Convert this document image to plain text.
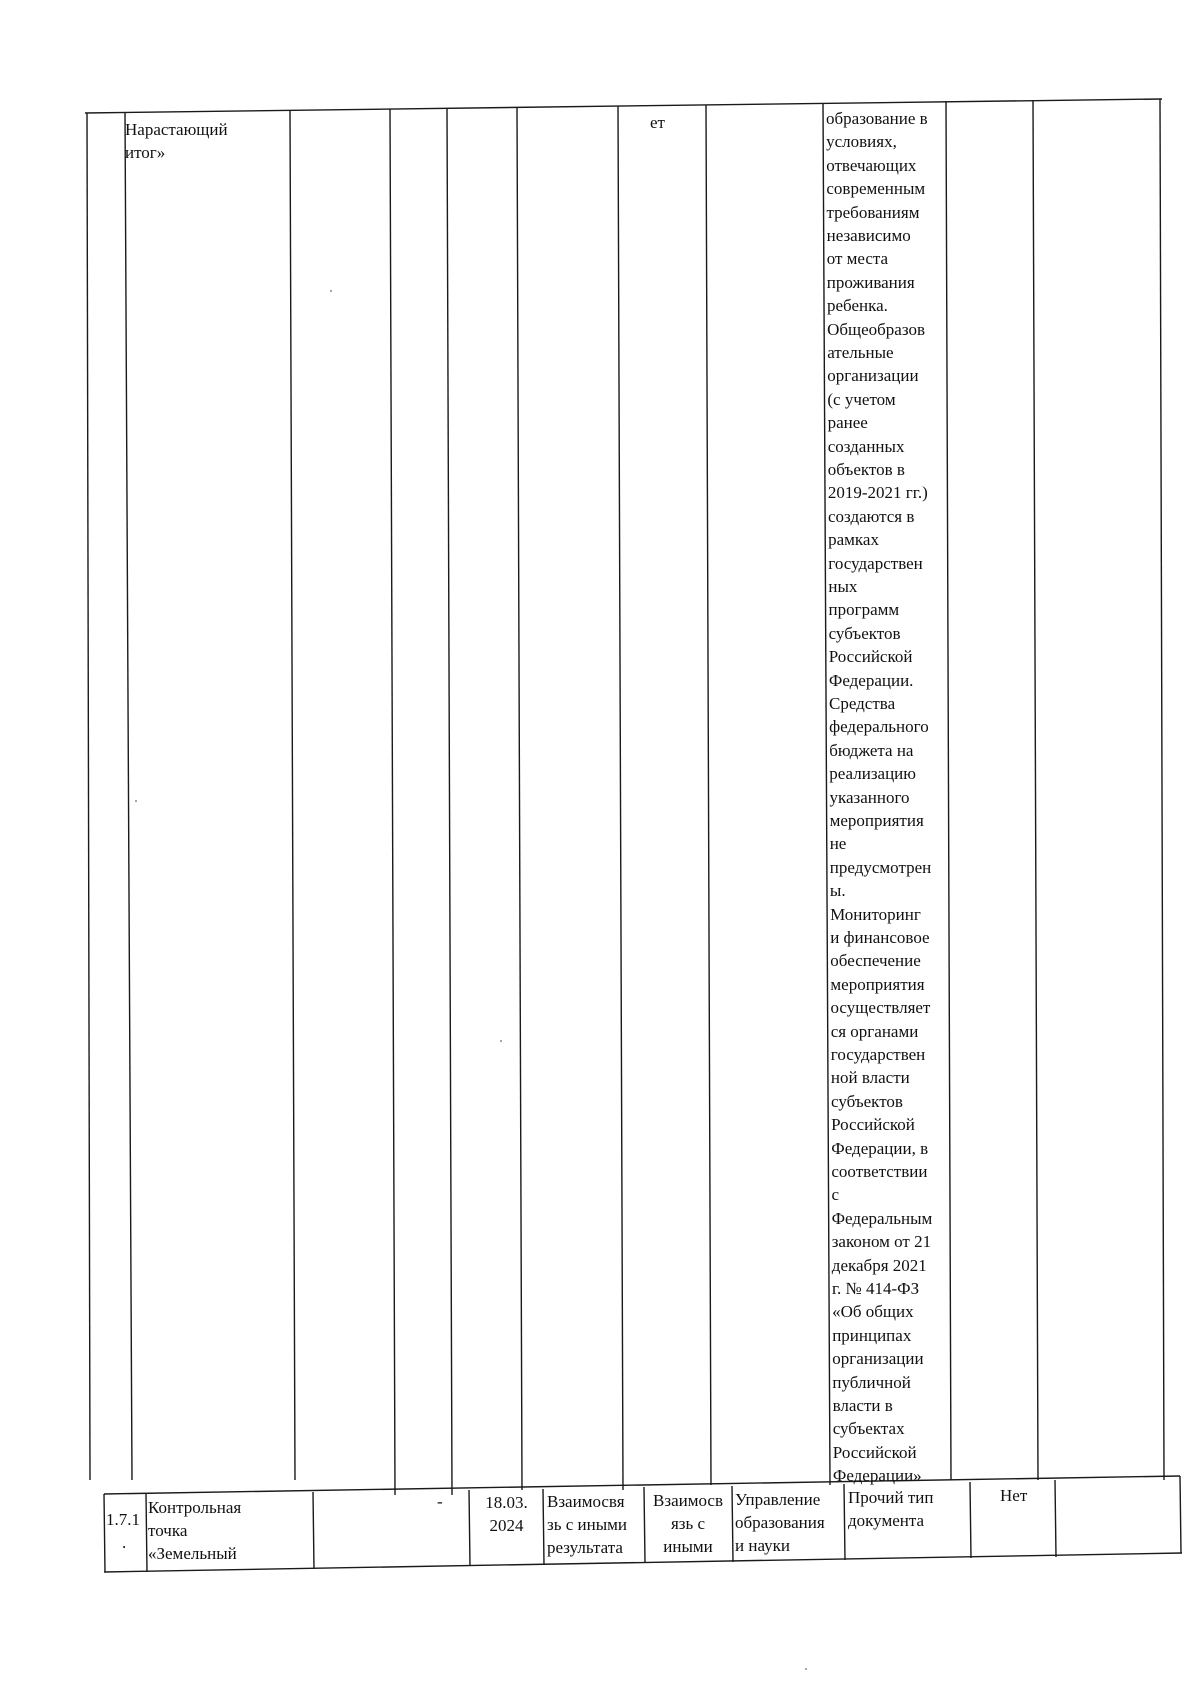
Нарастающий
итог»
ет	образование в
условиях,
отвечающих
современным
требованиям
независимо
от места
проживания
ребенка.
Общеобразов
ательные
организации
(с учетом
ранее
созданных
объектов в
2019-2021 гг.)
создаются в
рамках
государствен
ных
программ
субъектов
Российской
Федерации.
Средства
федерального
бюджета на
реализацию
указанного
мероприятия
не
предусмотрен
ы.
Мониторинг
и финансовое
обеспечение
мероприятия
осуществляет
ся органами
государствен
ной власти
субъектов
Российской
Федерации, в
соответствии
с
Федеральным
законом от 21
декабря 2021
г. № 414-ФЗ
«Об общих
принципах
организации
публичной
власти в
субъектах
Российской
Федерации»
1.7.1
.
Контрольная
точка
«Земельный
-	18.03.
2024
Взаимосвя
зь с иными
результата
Взаимосв
язь с
иными
Управление
образования
и науки
Прочий тип
документа
Нет
